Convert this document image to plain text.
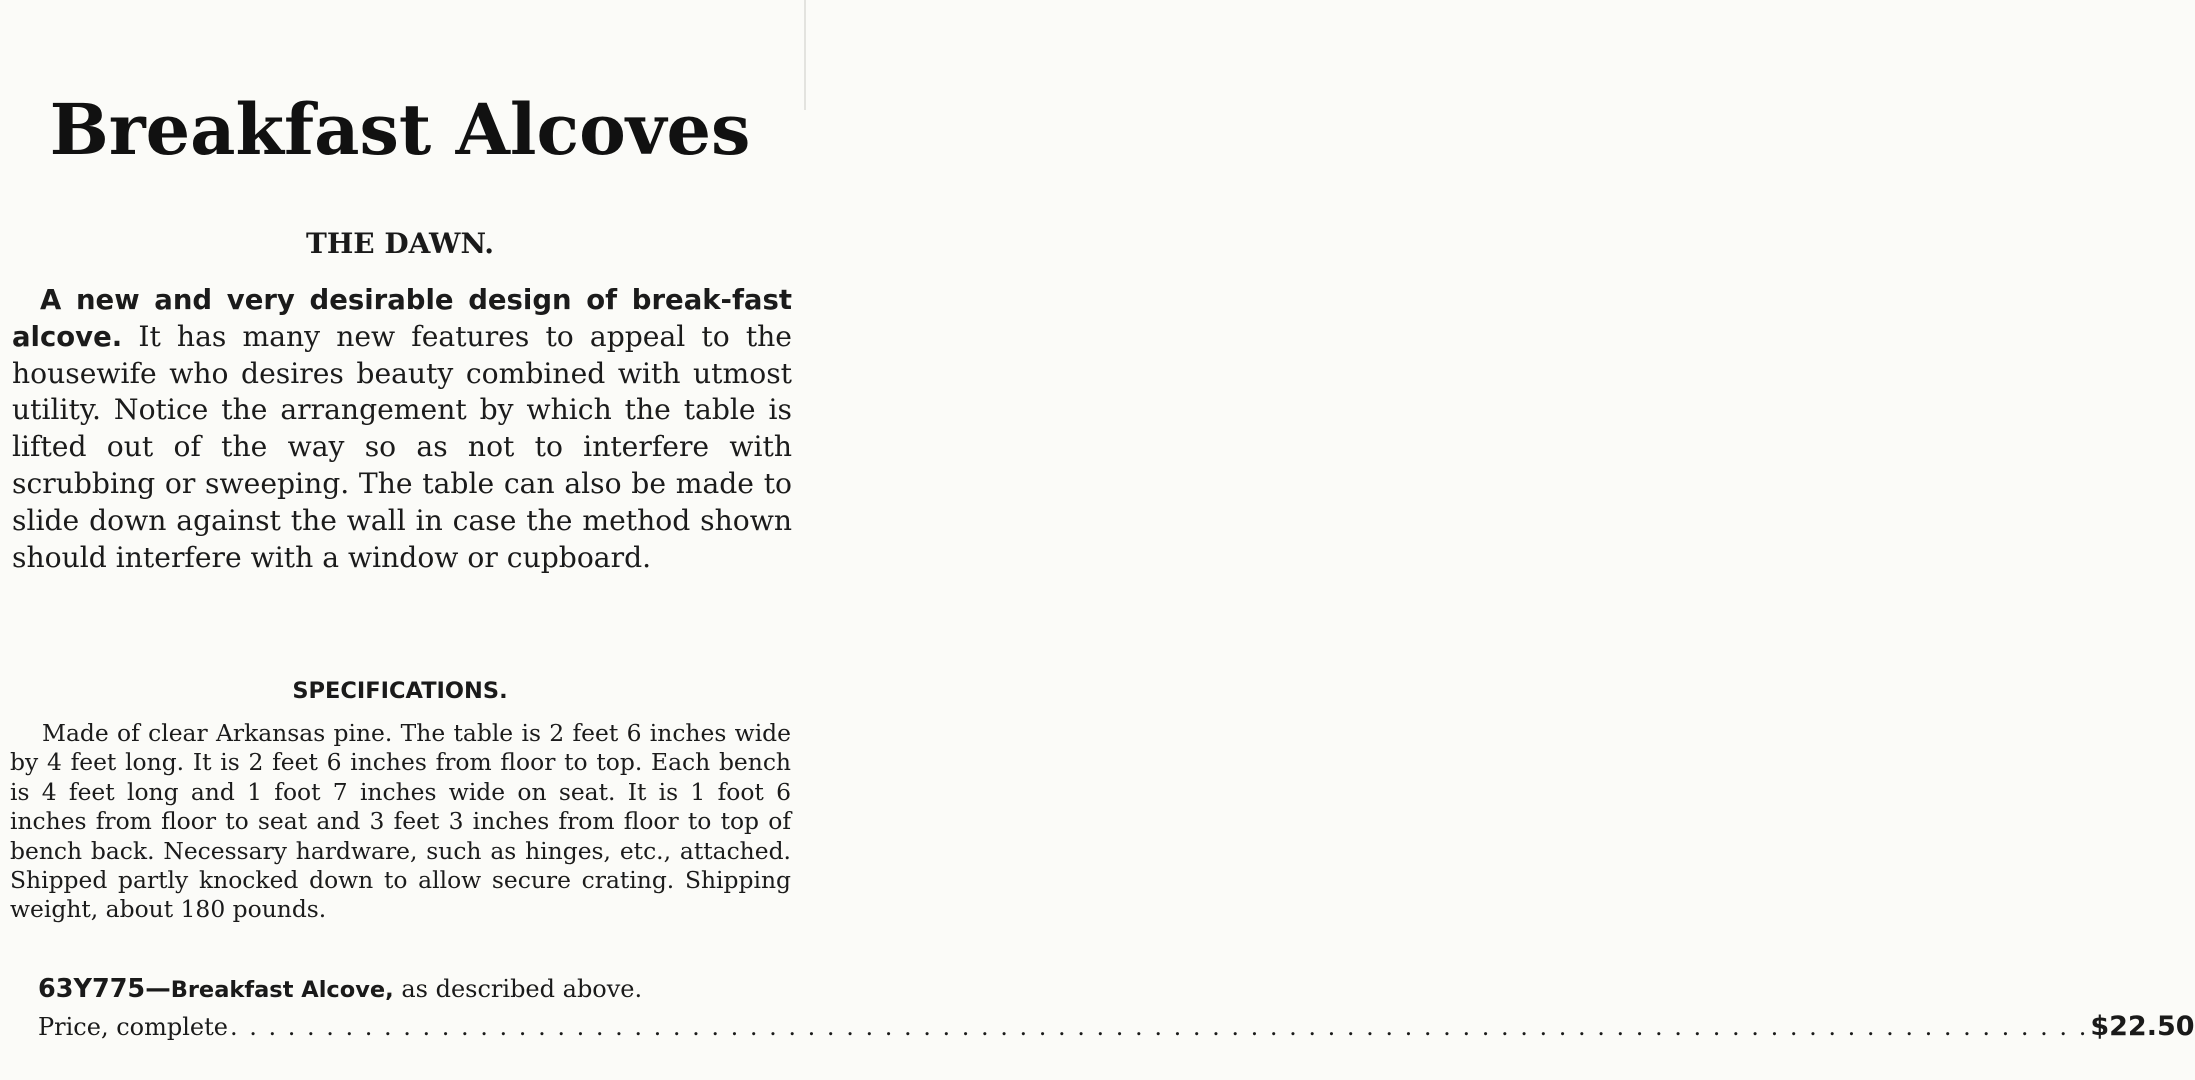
Breakfast Alcoves
THE DAWN.

A new and very desirable design of break-fast alcove. It has many new features to appeal to the housewife who desires beauty combined with utmost utility. Notice the arrangement by which the table is lifted out of the way so as not to interfere with scrubbing or sweeping. The table can also be made to slide down against the wall in case the method shown should interfere with a window or cupboard.

SPECIFICATIONS.

Made of clear Arkansas pine. The table is 2 feet 6 inches wide by 4 feet long. It is 2 feet 6 inches from floor to top. Each bench is 4 feet long and 1 foot 7 inches wide on seat. It is 1 foot 6 inches from floor to seat and 3 feet 3 inches from floor to top of bench back. Necessary hardware, such as hinges, etc., attached. Shipped partly knocked down to allow secure crating. Shipping weight, about 180 pounds.

63Y775—Breakfast Alcove, as described above.
Price, complete . . . . . . . . . . . . . . . . . . . . . . . . . . . . . . . . . . . . . . . . . . . . . . . . . . . . . . . . . . . . . . . . . . . . . . . . . . . . . . . . . . . . . . . . . . . . . . . . . $22.50
